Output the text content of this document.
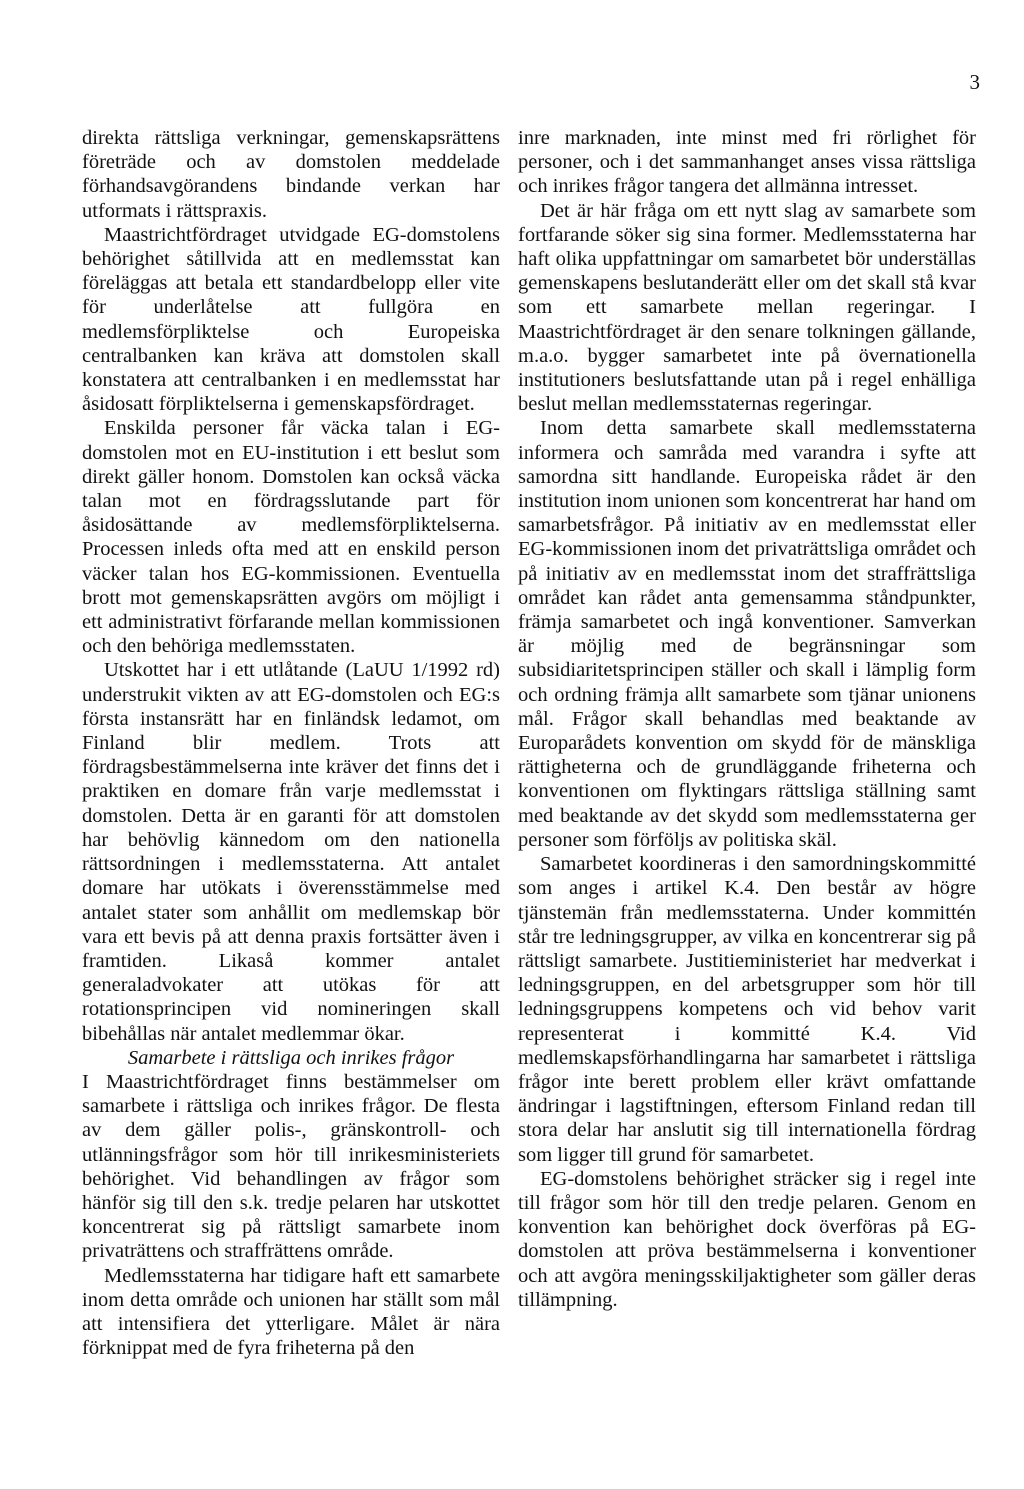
3

direkta rättsliga verkningar, gemenskapsrättens företräde och av domstolen meddelade förhandsavgörandens bindande verkan har utformats i rättspraxis.

Maastrichtfördraget utvidgade EG-domstolens behörighet såtillvida att en medlemsstat kan föreläggas att betala ett standardbelopp eller vite för underlåtelse att fullgöra en medlemsförpliktelse och Europeiska centralbanken kan kräva att domstolen skall konstatera att centralbanken i en medlemsstat har åsidosatt förpliktelserna i gemenskapsfördraget.

Enskilda personer får väcka talan i EG-domstolen mot en EU-institution i ett beslut som direkt gäller honom. Domstolen kan också väcka talan mot en fördragsslutande part för åsidosättande av medlemsförpliktelserna. Processen inleds ofta med att en enskild person väcker talan hos EG-kommissionen. Eventuella brott mot gemenskapsrätten avgörs om möjligt i ett administrativt förfarande mellan kommissionen och den behöriga medlemsstaten.

Utskottet har i ett utlåtande (LaUU 1/1992 rd) understrukit vikten av att EG-domstolen och EG:s första instansrätt har en finländsk ledamot, om Finland blir medlem. Trots att fördragsbestämmelserna inte kräver det finns det i praktiken en domare från varje medlemsstat i domstolen. Detta är en garanti för att domstolen har behövlig kännedom om den nationella rättsordningen i medlemsstaterna. Att antalet domare har utökats i överensstämmelse med antalet stater som anhållit om medlemskap bör vara ett bevis på att denna praxis fortsätter även i framtiden. Likaså kommer antalet generaladvokater att utökas för att rotationsprincipen vid nomineringen skall bibehållas när antalet medlemmar ökar.

Samarbete i rättsliga och inrikes frågor

I Maastrichtfördraget finns bestämmelser om samarbete i rättsliga och inrikes frågor. De flesta av dem gäller polis-, gränskontroll- och utlänningsfrågor som hör till inrikesministeriets behörighet. Vid behandlingen av frågor som hänför sig till den s.k. tredje pelaren har utskottet koncentrerat sig på rättsligt samarbete inom privaträttens och straffrättens område.

Medlemsstaterna har tidigare haft ett samarbete inom detta område och unionen har ställt som mål att intensifiera det ytterligare. Målet är nära förknippat med de fyra friheterna på den

inre marknaden, inte minst med fri rörlighet för personer, och i det sammanhanget anses vissa rättsliga och inrikes frågor tangera det allmänna intresset.

Det är här fråga om ett nytt slag av samarbete som fortfarande söker sig sina former. Medlemsstaterna har haft olika uppfattningar om samarbetet bör underställas gemenskapens beslutanderätt eller om det skall stå kvar som ett samarbete mellan regeringar. I Maastrichtfördraget är den senare tolkningen gällande, m.a.o. bygger samarbetet inte på övernationella institutioners beslutsfattande utan på i regel enhälliga beslut mellan medlemsstaternas regeringar.

Inom detta samarbete skall medlemsstaterna informera och samråda med varandra i syfte att samordna sitt handlande. Europeiska rådet är den institution inom unionen som koncentrerat har hand om samarbetsfrågor. På initiativ av en medlemsstat eller EG-kommissionen inom det privaträttsliga området och på initiativ av en medlemsstat inom det straffrättsliga området kan rådet anta gemensamma ståndpunkter, främja samarbetet och ingå konventioner. Samverkan är möjlig med de begränsningar som subsidiaritetsprincipen ställer och skall i lämplig form och ordning främja allt samarbete som tjänar unionens mål. Frågor skall behandlas med beaktande av Europarådets konvention om skydd för de mänskliga rättigheterna och de grundläggande friheterna och konventionen om flyktingars rättsliga ställning samt med beaktande av det skydd som medlemsstaterna ger personer som förföljs av politiska skäl.

Samarbetet koordineras i den samordningskommitté som anges i artikel K.4. Den består av högre tjänstemän från medlemsstaterna. Under kommittén står tre ledningsgrupper, av vilka en koncentrerar sig på rättsligt samarbete. Justitieministeriet har medverkat i ledningsgruppen, en del arbetsgrupper som hör till ledningsgruppens kompetens och vid behov varit representerat i kommitté K.4. Vid medlemskapsförhandlingarna har samarbetet i rättsliga frågor inte berett problem eller krävt omfattande ändringar i lagstiftningen, eftersom Finland redan till stora delar har anslutit sig till internationella fördrag som ligger till grund för samarbetet.

EG-domstolens behörighet sträcker sig i regel inte till frågor som hör till den tredje pelaren. Genom en konvention kan behörighet dock överföras på EG-domstolen att pröva bestämmelserna i konventioner och att avgöra meningsskiljaktigheter som gäller deras tillämpning.
